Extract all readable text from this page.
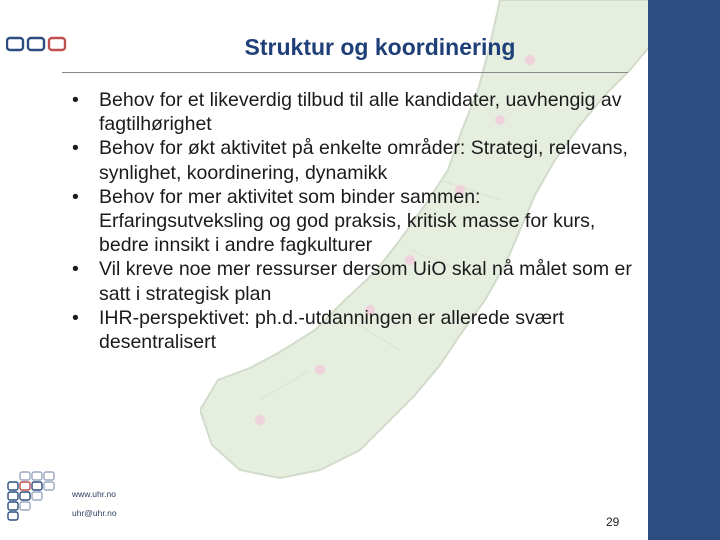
Struktur og koordinering
• Behov for et likeverdig tilbud til alle kandidater, uavhengig av fagtilhørighet
• Behov for økt aktivitet på enkelte områder: Strategi, relevans, synlighet, koordinering, dynamikk
• Behov for mer aktivitet som binder sammen: Erfaringsutveksling og god praksis, kritisk masse for kurs, bedre innsikt i andre fagkulturer
• Vil kreve noe mer ressurser dersom UiO skal nå målet som er satt i strategisk plan
• IHR-perspektivet: ph.d.-utdanningen er allerede svært desentralisert
www.uhr.no
uhr@uhr.no
29
